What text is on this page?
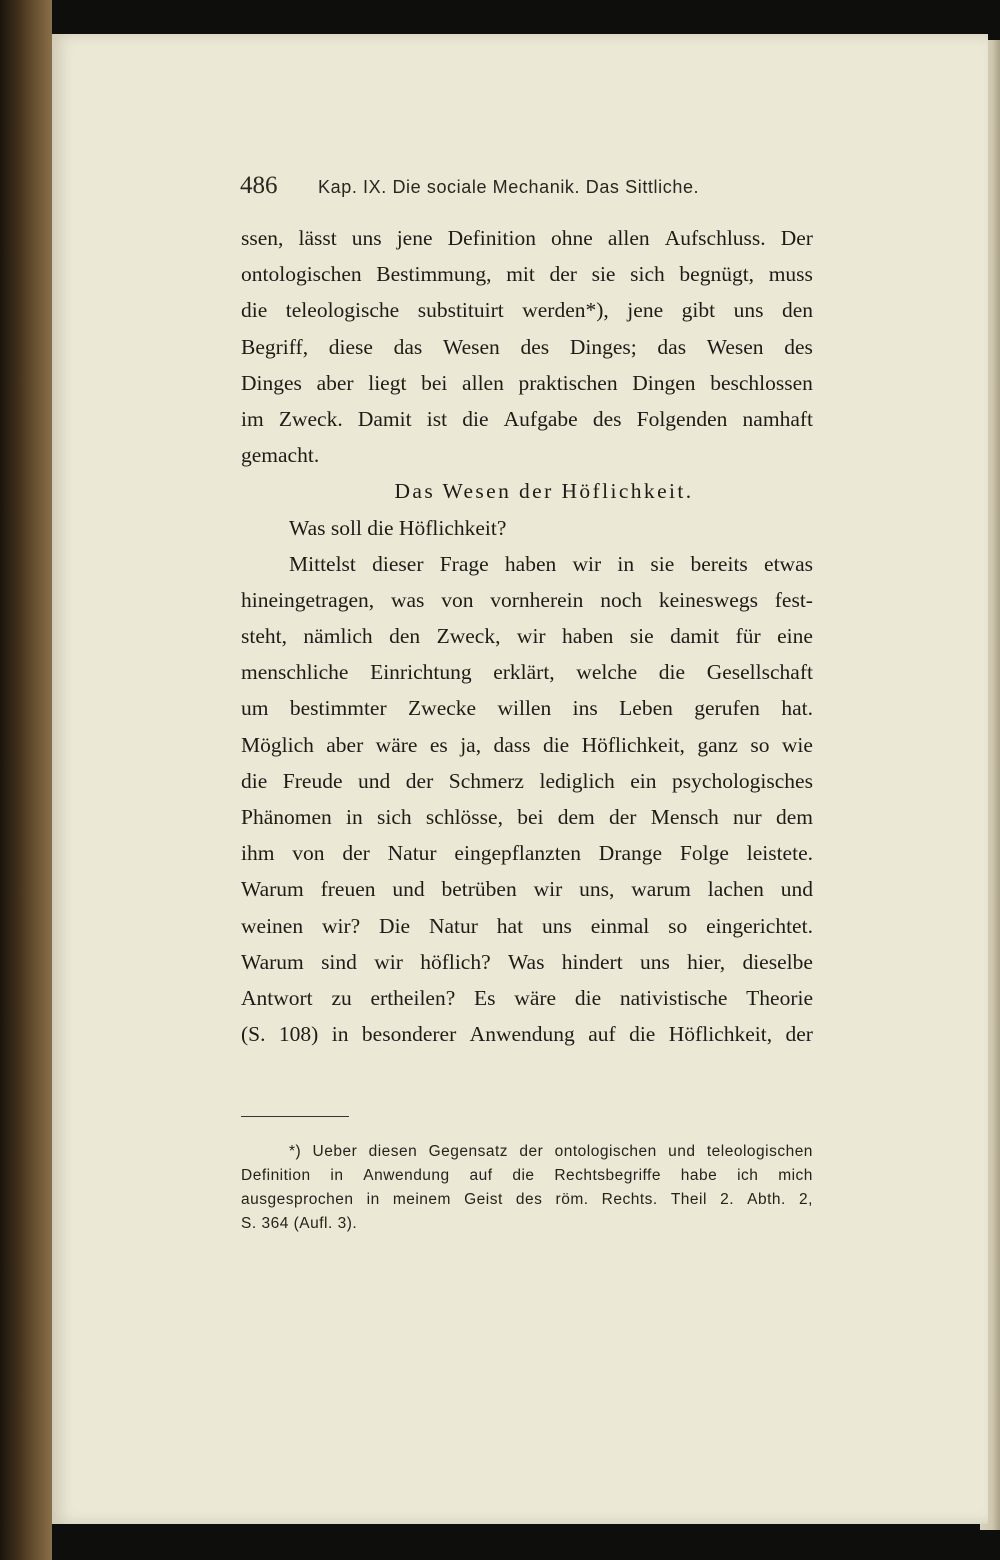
486 Kap. IX. Die sociale Mechanik. Das Sittliche.
ssen, lässt uns jene Definition ohne allen Aufschluss. Der
ontologischen Bestimmung, mit der sie sich begnügt, muss
die teleologische substituirt werden*), jene gibt uns den
Begriff, diese das Wesen des Dinges; das Wesen des
Dinges aber liegt bei allen praktischen Dingen beschlossen
im Zweck. Damit ist die Aufgabe des Folgenden namhaft
gemacht.
Das Wesen der Höflichkeit.
Was soll die Höflichkeit?
Mittelst dieser Frage haben wir in sie bereits etwas
hineingetragen, was von vornherein noch keineswegs fest-
steht, nämlich den Zweck, wir haben sie damit für eine
menschliche Einrichtung erklärt, welche die Gesellschaft
um bestimmter Zwecke willen ins Leben gerufen hat.
Möglich aber wäre es ja, dass die Höflichkeit, ganz so wie
die Freude und der Schmerz lediglich ein psychologisches
Phänomen in sich schlösse, bei dem der Mensch nur dem
ihm von der Natur eingepflanzten Drange Folge leistete.
Warum freuen und betrüben wir uns, warum lachen und
weinen wir? Die Natur hat uns einmal so eingerichtet.
Warum sind wir höflich? Was hindert uns hier, dieselbe
Antwort zu ertheilen? Es wäre die nativistische Theorie
(S. 108) in besonderer Anwendung auf die Höflichkeit, der
*) Ueber diesen Gegensatz der ontologischen und teleologischen
Definition in Anwendung auf die Rechtsbegriffe habe ich mich
ausgesprochen in meinem Geist des röm. Rechts. Theil 2. Abth. 2,
S. 364 (Aufl. 3).
